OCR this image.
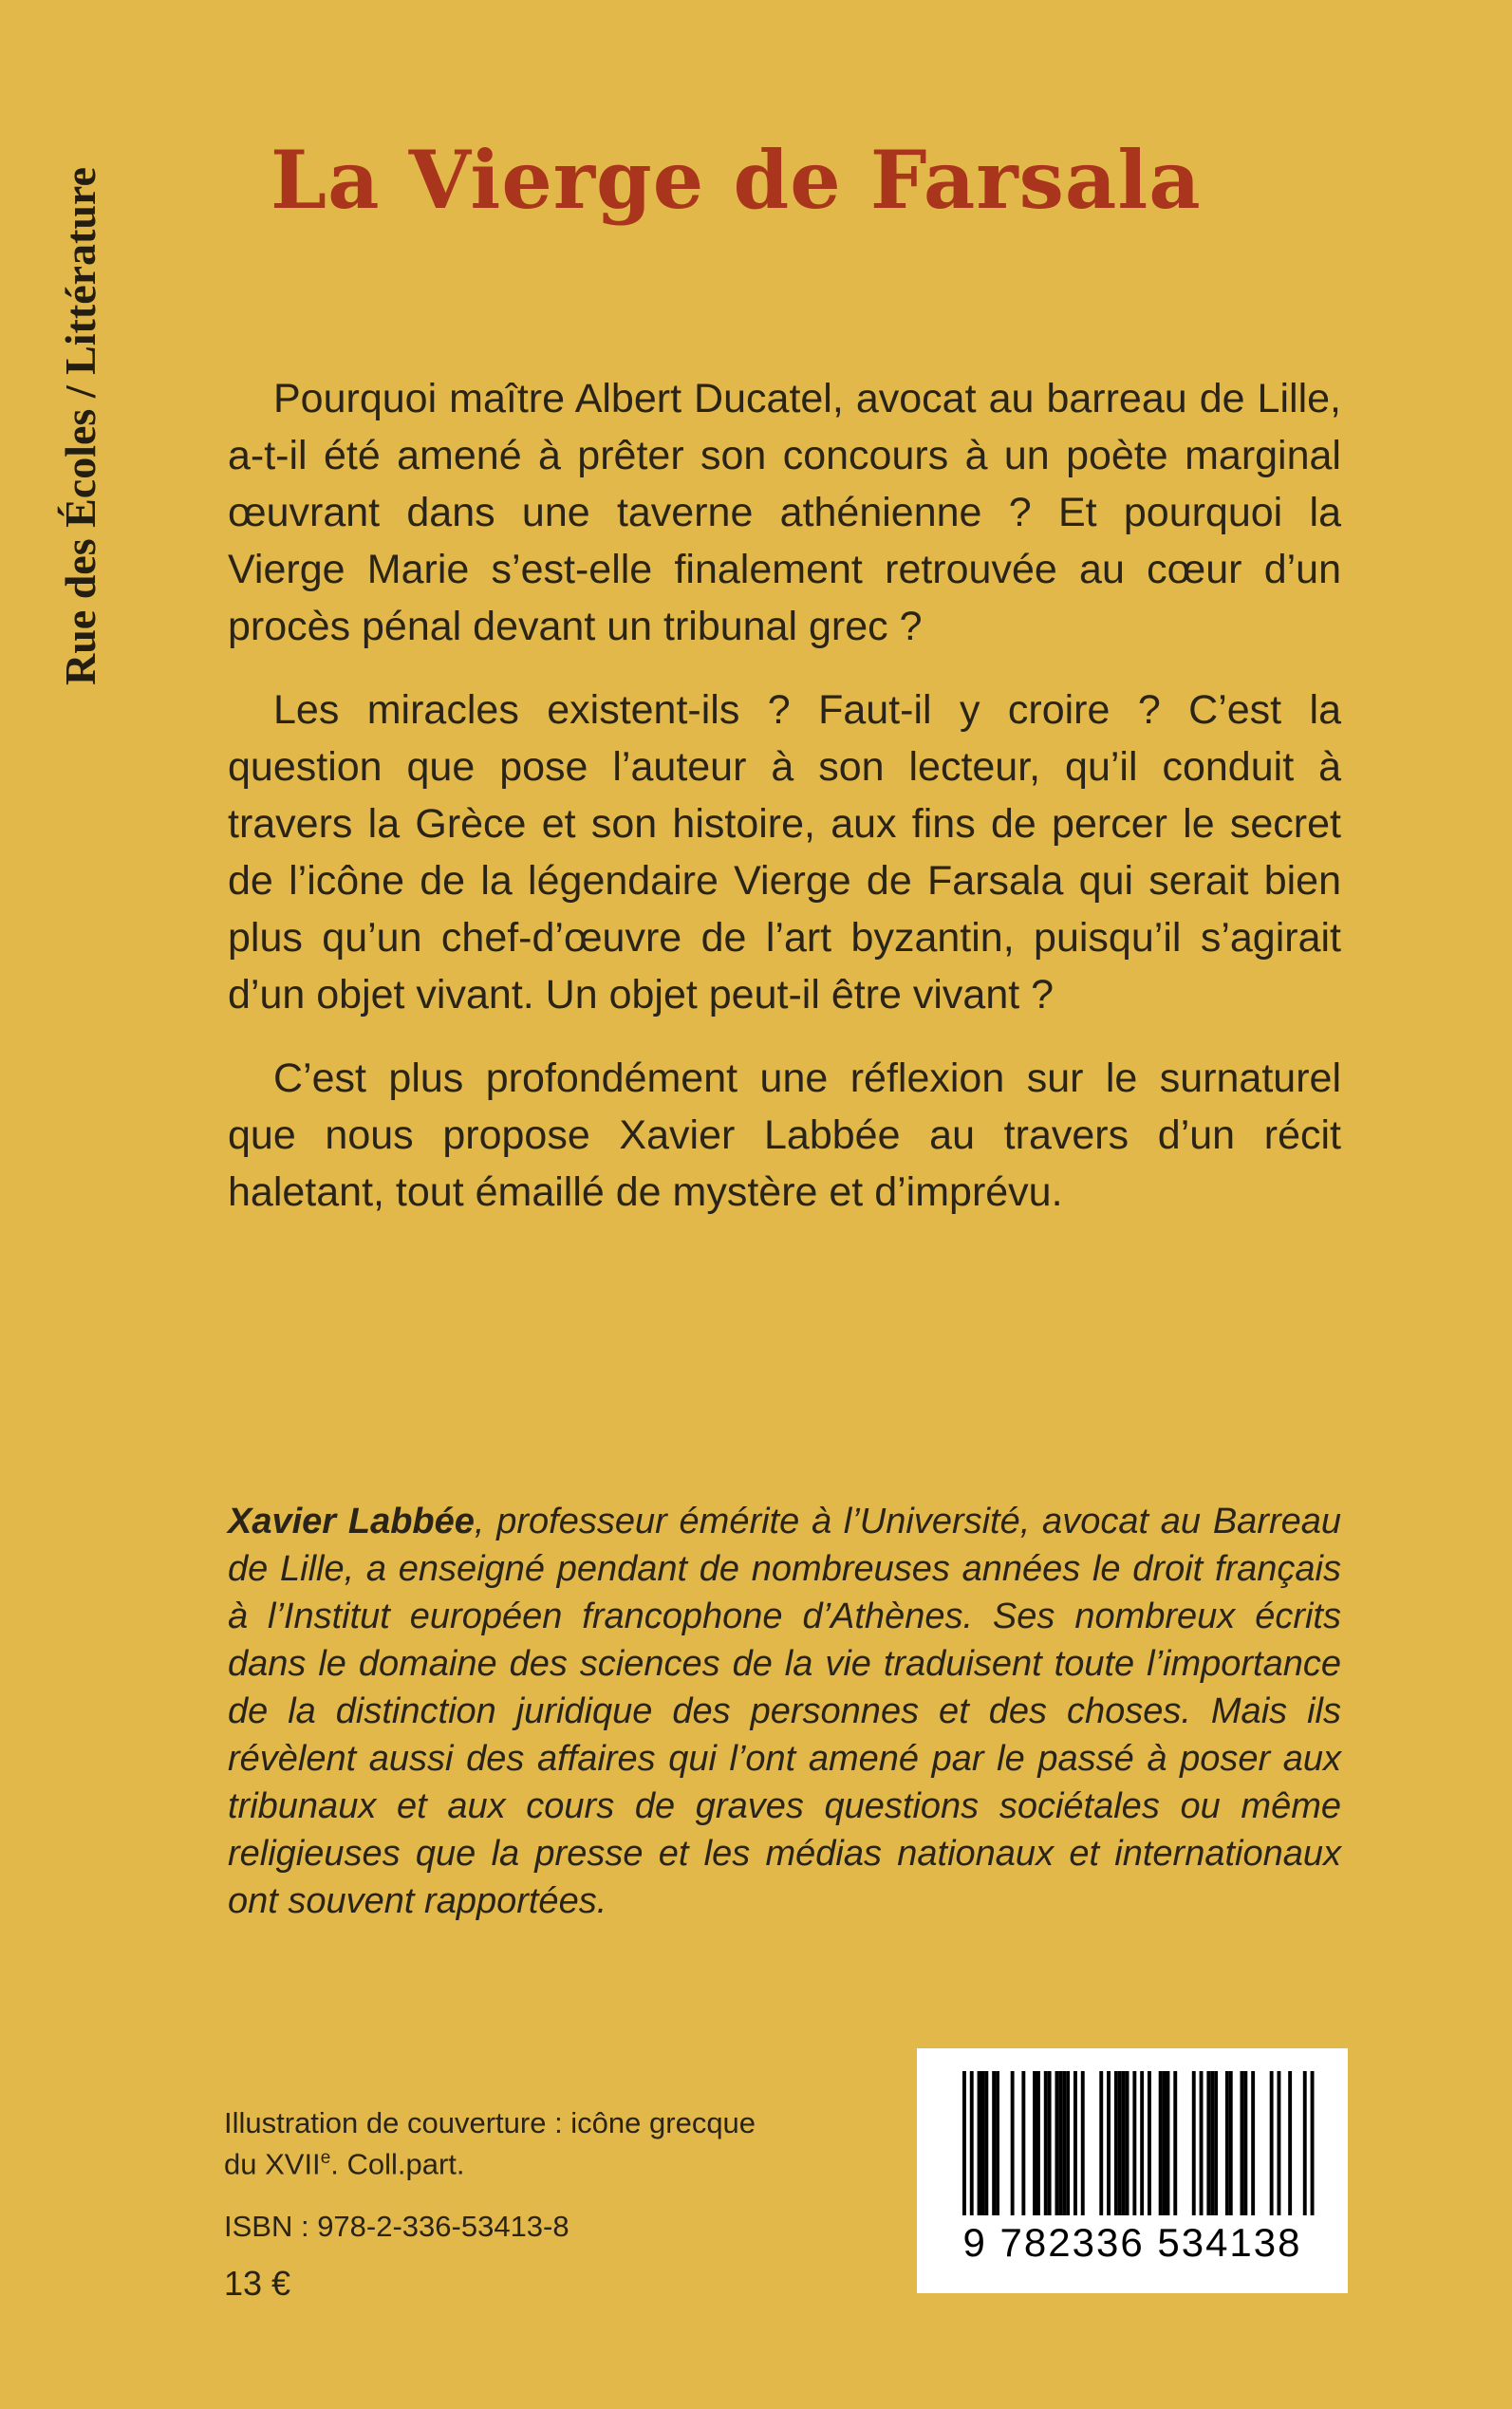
Rue des Écoles / Littérature La Vierge de Farsala

Pourquoi maître Albert Ducatel, avocat au barreau de Lille, a-t-il été amené à prêter son concours à un poète marginal œuvrant dans une taverne athénienne ? Et pourquoi la Vierge Marie s’est-elle finalement retrouvée au cœur d’un procès pénal devant un tribunal grec ?

Les miracles existent-ils ? Faut-il y croire ? C’est la question que pose l’auteur à son lecteur, qu’il conduit à travers la Grèce et son histoire, aux fins de percer le secret de l’icône de la légendaire Vierge de Farsala qui serait bien plus qu’un chef-d’œuvre de l’art byzantin, puisqu’il s’agirait d’un objet vivant. Un objet peut-il être vivant ?

C’est plus profondément une réflexion sur le surnaturel que nous propose Xavier Labbée au travers d’un récit haletant, tout émaillé de mystère et d’imprévu.

Xavier Labbée, professeur émérite à l’Université, avocat au Barreau de Lille, a enseigné pendant de nombreuses années le droit français à l’Institut européen francophone d’Athènes. Ses nombreux écrits dans le domaine des sciences de la vie traduisent toute l’importance de la distinction juridique des personnes et des choses. Mais ils révèlent aussi des affaires qui l’ont amené par le passé à poser aux tribunaux et aux cours de graves questions sociétales ou même religieuses que la presse et les médias nationaux et internationaux ont souvent rapportées.

Illustration de couverture : icône grecque
du XVIIe. Coll.part.
ISBN : 978-2-336-53413-8
13 €
9 782336 534138
